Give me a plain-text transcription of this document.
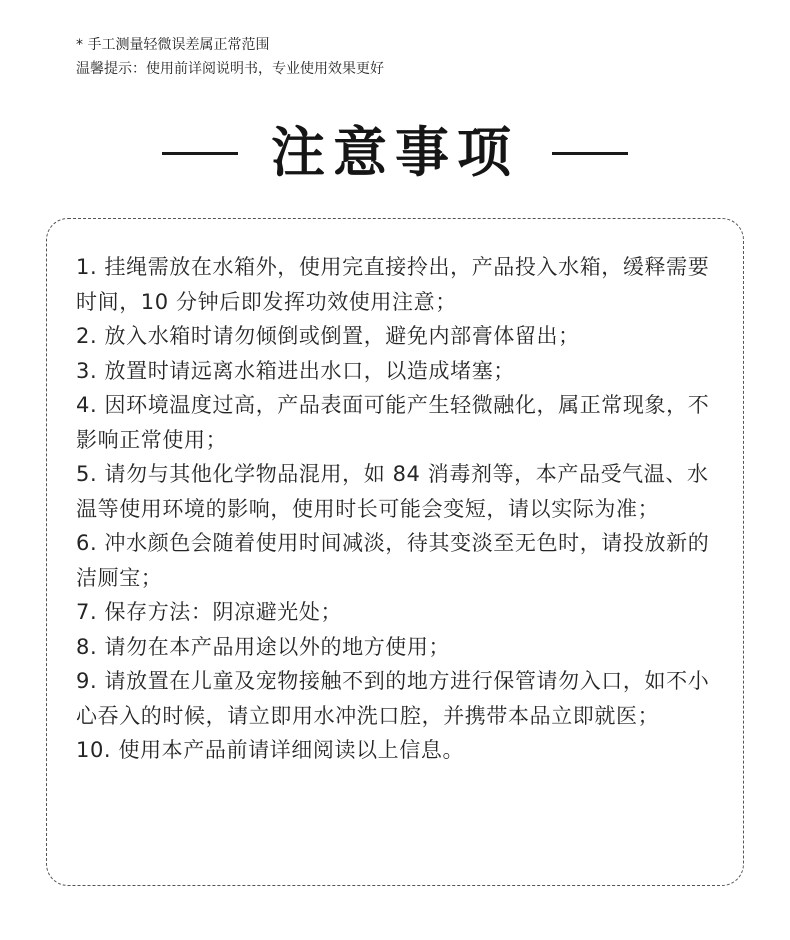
* 手工测量轻微误差属正常范围
温馨提示：使用前详阅说明书，专业使用效果更好
注意事项
1. 挂绳需放在水箱外，使用完直接拎出，产品投入水箱，缓释需要时间，10 分钟后即发挥功效使用注意；
2. 放入水箱时请勿倾倒或倒置，避免内部膏体留出；
3. 放置时请远离水箱进出水口，以造成堵塞；
4. 因环境温度过高，产品表面可能产生轻微融化，属正常现象，不影响正常使用；
5. 请勿与其他化学物品混用，如 84 消毒剂等，本产品受气温、水温等使用环境的影响，使用时长可能会变短，请以实际为准；
6. 冲水颜色会随着使用时间减淡，待其变淡至无色时，请投放新的洁厕宝；
7. 保存方法：阴凉避光处；
8. 请勿在本产品用途以外的地方使用；
9. 请放置在儿童及宠物接触不到的地方进行保管请勿入口，如不小心吞入的时候，请立即用水冲洗口腔，并携带本品立即就医；
10. 使用本产品前请详细阅读以上信息。
